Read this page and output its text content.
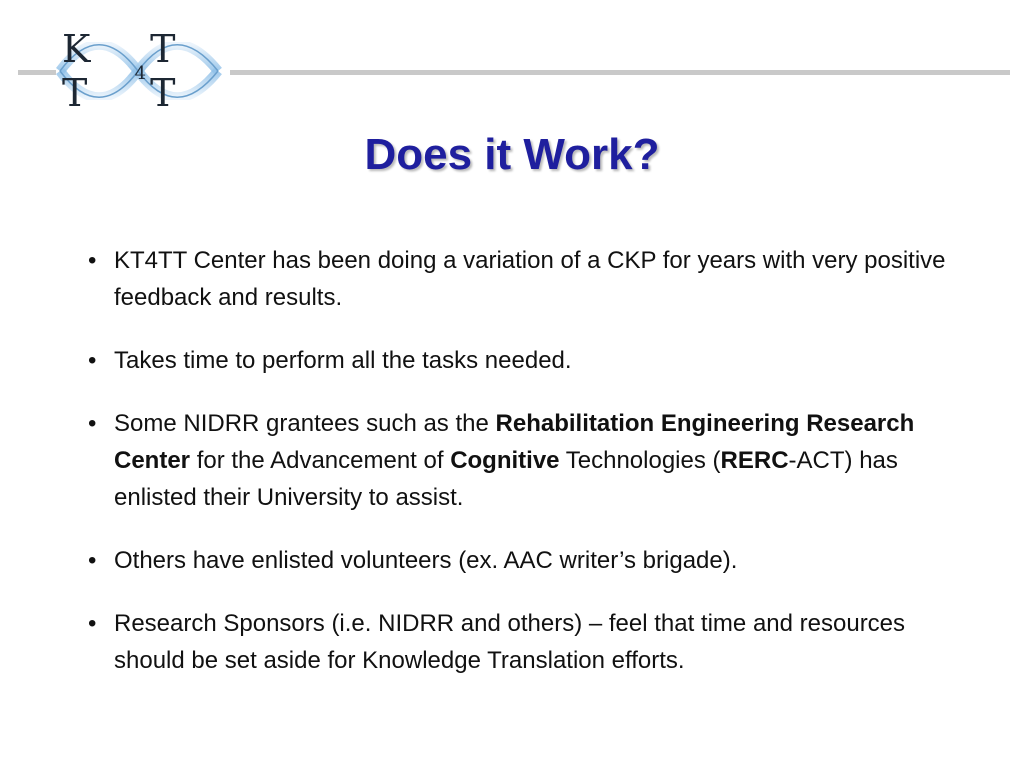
K T	4
T T
Does it Work?
• KT4TT Center has been doing a variation of a CKP for years with very positive feedback and results.
• Takes time to perform all the tasks needed.
• Some NIDRR grantees such as the Rehabilitation Engineering Research Center for the Advancement of Cognitive Technologies (RERC-ACT) has enlisted their University to assist.
• Others have enlisted volunteers (ex. AAC writer’s brigade).
• Research Sponsors (i.e. NIDRR and others) – feel that time and resources should be set aside for Knowledge Translation efforts.
